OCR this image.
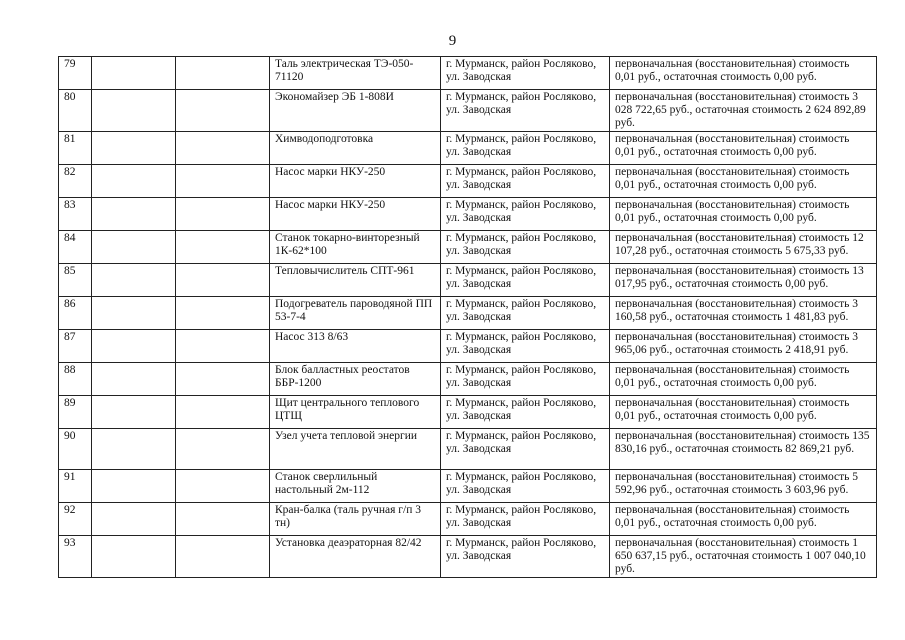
9
79			Таль электрическая ТЭ-050-71120	г. Мурманск, район Росляково, ул. Заводская	первоначальная (восстановительная) стоимость 0,01 руб., остаточная стоимость 0,00 руб.
80			Экономайзер ЭБ 1-808И	г. Мурманск, район Росляково, ул. Заводская	первоначальная (восстановительная) стоимость 3 028 722,65 руб., остаточная стоимость 2 624 892,89 руб.
81			Химводоподготовка	г. Мурманск, район Росляково, ул. Заводская	первоначальная (восстановительная) стоимость 0,01 руб., остаточная стоимость 0,00 руб.
82			Насос марки НКУ-250	г. Мурманск, район Росляково, ул. Заводская	первоначальная (восстановительная) стоимость 0,01 руб., остаточная стоимость 0,00 руб.
83			Насос марки НКУ-250	г. Мурманск, район Росляково, ул. Заводская	первоначальная (восстановительная) стоимость 0,01 руб., остаточная стоимость 0,00 руб.
84			Станок токарно-винторезный 1К-62*100	г. Мурманск, район Росляково, ул. Заводская	первоначальная (восстановительная) стоимость 12 107,28 руб., остаточная стоимость 5 675,33 руб.
85			Тепловычислитель СПТ-961	г. Мурманск, район Росляково, ул. Заводская	первоначальная (восстановительная) стоимость 13 017,95 руб., остаточная стоимость 0,00 руб.
86			Подогреватель пароводяной ПП 53-7-4	г. Мурманск, район Росляково, ул. Заводская	первоначальная (восстановительная) стоимость 3 160,58 руб., остаточная стоимость 1 481,83 руб.
87			Насос 313 8/63	г. Мурманск, район Росляково, ул. Заводская	первоначальная (восстановительная) стоимость 3 965,06 руб., остаточная стоимость 2 418,91 руб.
88			Блок балластных реостатов ББР-1200	г. Мурманск, район Росляково, ул. Заводская	первоначальная (восстановительная) стоимость 0,01 руб., остаточная стоимость 0,00 руб.
89			Щит центрального теплового ЦТЩ	г. Мурманск, район Росляково, ул. Заводская	первоначальная (восстановительная) стоимость 0,01 руб., остаточная стоимость 0,00 руб.
90			Узел учета тепловой энергии	г. Мурманск, район Росляково, ул. Заводская	первоначальная (восстановительная) стоимость 135 830,16 руб., остаточная стоимость 82 869,21 руб.
91			Станок сверлильный настольный 2м-112	г. Мурманск, район Росляково, ул. Заводская	первоначальная (восстановительная) стоимость 5 592,96 руб., остаточная стоимость 3 603,96 руб.
92			Кран-балка (таль ручная г/п 3 тн)	г. Мурманск, район Росляково, ул. Заводская	первоначальная (восстановительная) стоимость 0,01 руб., остаточная стоимость 0,00 руб.
93			Установка деаэраторная 82/42	г. Мурманск, район Росляково, ул. Заводская	первоначальная (восстановительная) стоимость 1 650 637,15 руб., остаточная стоимость 1 007 040,10 руб.
